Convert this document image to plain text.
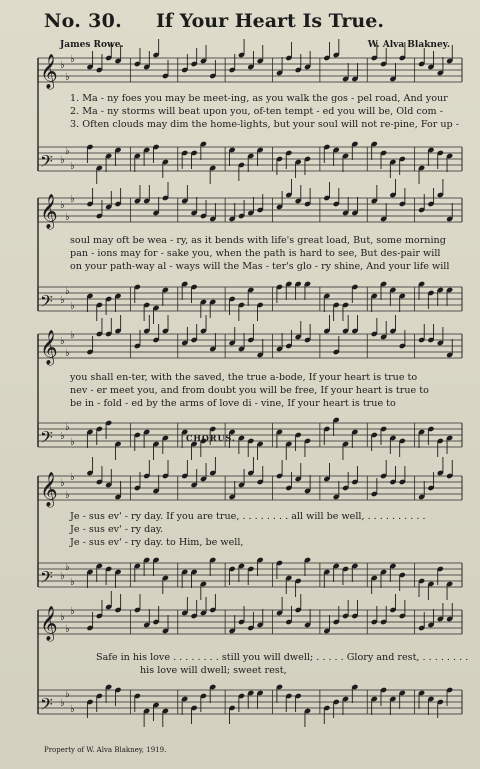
No. 30. If Your Heart Is True.
James Rowe.	W. Alva Blakney.
𝄞 ♭
♭
♭
𝄢 ♭
♭
♭
𝄞 ♭
♭
♭
𝄢 ♭
♭
♭
𝄞 ♭
♭
♭
𝄢 ♭
♭
♭
𝄞 ♭
♭
♭
𝄢 ♭
♭
♭
𝄞 ♭
♭
♭
𝄢 ♭
♭
♭
1. Ma - ny foes you may be meet-ing, as you walk the gos - pel road, And your
2. Ma - ny storms will beat upon you, of-ten tempt - ed you will be, Old com -
3. Often clouds may dim the home-lights, but your soul will not re-pine, For up -
soul may oft be wea - ry, as it bends with life's great load, But, some morning
pan - ions may for - sake you, when the path is hard to see, But des-pair will
on your path-way al - ways will the Mas - ter's glo - ry shine, And your life will
you shall en-ter, with the saved, the true a-bode, If your heart is true to
nev - er meet you, and from doubt you will be free, If your heart is true to
be in - fold - ed by the arms of love di - vine, If your heart is true to
CHORUS.
Je - sus ev' - ry day. If you are true, . . . . . . . . all will be well, . . . . . . . . . .
Je - sus ev' - ry day.
Je - sus ev' - ry day. to Him, be well,
Safe in his love . . . . . . . . still you will dwell; . . . . . Glory and rest, . . . . . . . .
his love will dwell; sweet rest,
Property of W. Alva Blakney, 1919.
